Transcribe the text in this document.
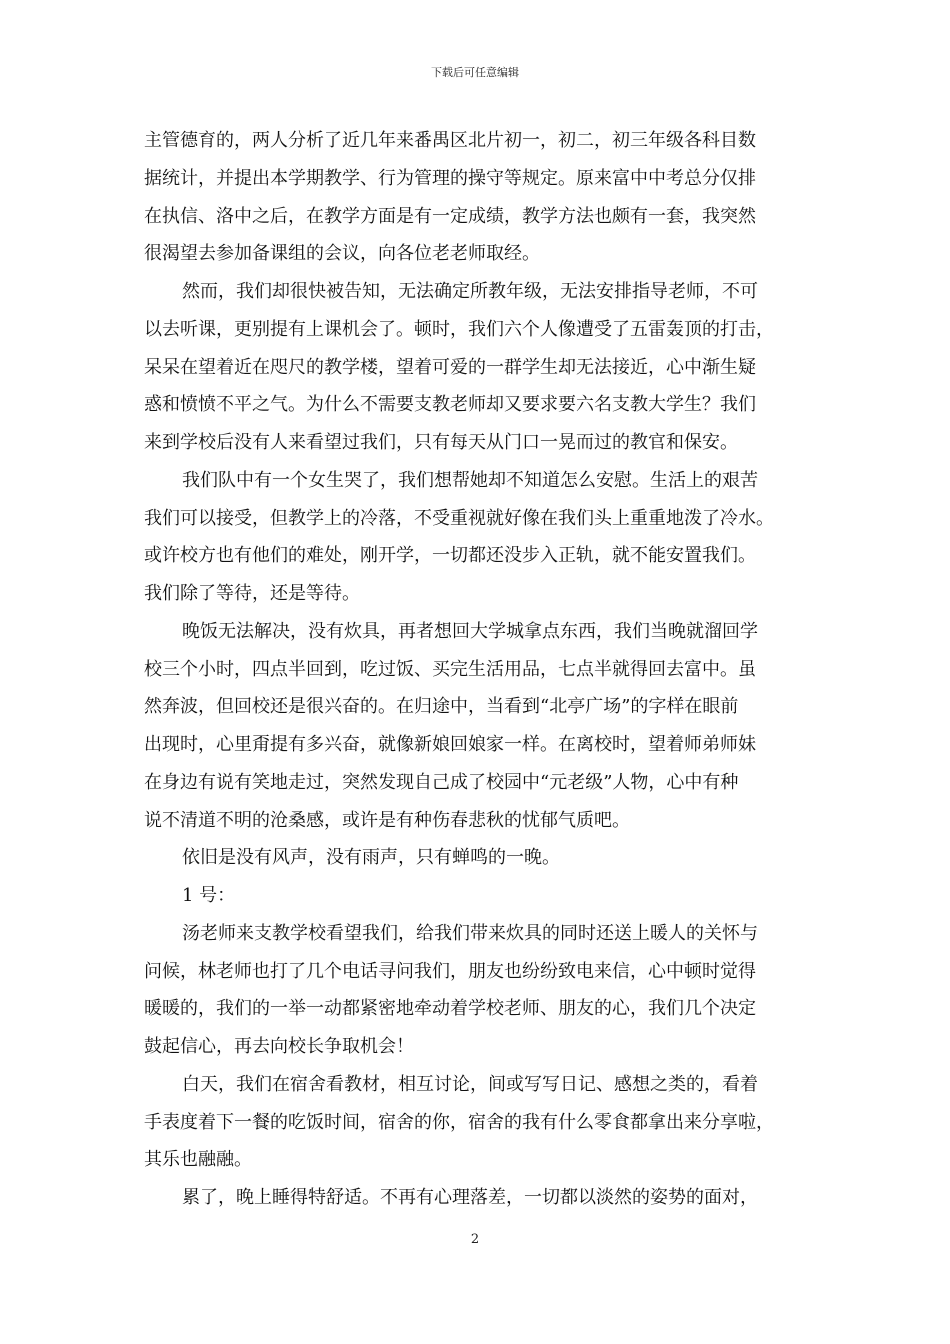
下载后可任意编辑
主管德育的，两人分析了近几年来番禺区北片初一，初二，初三年级各科目数
据统计，并提出本学期教学、行为管理的操守等规定。原来富中中考总分仅排
在执信、洛中之后，在教学方面是有一定成绩，教学方法也颇有一套，我突然
很渴望去参加备课组的会议，向各位老老师取经。
然而，我们却很快被告知，无法确定所教年级，无法安排指导老师，不可
以去听课，更别提有上课机会了。顿时，我们六个人像遭受了五雷轰顶的打击，
呆呆在望着近在咫尺的教学楼，望着可爱的一群学生却无法接近，心中渐生疑
惑和愤愤不平之气。为什么不需要支教老师却又要求要六名支教大学生？我们
来到学校后没有人来看望过我们，只有每天从门口一晃而过的教官和保安。
我们队中有一个女生哭了，我们想帮她却不知道怎么安慰。生活上的艰苦
我们可以接受，但教学上的冷落，不受重视就好像在我们头上重重地泼了冷水。
或许校方也有他们的难处，刚开学，一切都还没步入正轨，就不能安置我们。
我们除了等待，还是等待。
晚饭无法解决，没有炊具，再者想回大学城拿点东西，我们当晚就溜回学
校三个小时，四点半回到，吃过饭、买完生活用品，七点半就得回去富中。虽
然奔波，但回校还是很兴奋的。在归途中，当看到“北亭广场”的字样在眼前
出现时，心里甭提有多兴奋，就像新娘回娘家一样。在离校时，望着师弟师妹
在身边有说有笑地走过，突然发现自己成了校园中“元老级”人物，心中有种
说不清道不明的沧桑感，或许是有种伤春悲秋的忧郁气质吧。
依旧是没有风声，没有雨声，只有蝉鸣的一晚。
1 号：
汤老师来支教学校看望我们，给我们带来炊具的同时还送上暖人的关怀与
问候，林老师也打了几个电话寻问我们，朋友也纷纷致电来信，心中顿时觉得
暖暖的，我们的一举一动都紧密地牵动着学校老师、朋友的心，我们几个决定
鼓起信心，再去向校长争取机会！
白天，我们在宿舍看教材，相互讨论，间或写写日记、感想之类的，看着
手表度着下一餐的吃饭时间，宿舍的你，宿舍的我有什么零食都拿出来分享啦，
其乐也融融。
累了，晚上睡得特舒适。不再有心理落差，一切都以淡然的姿势的面对，
2
